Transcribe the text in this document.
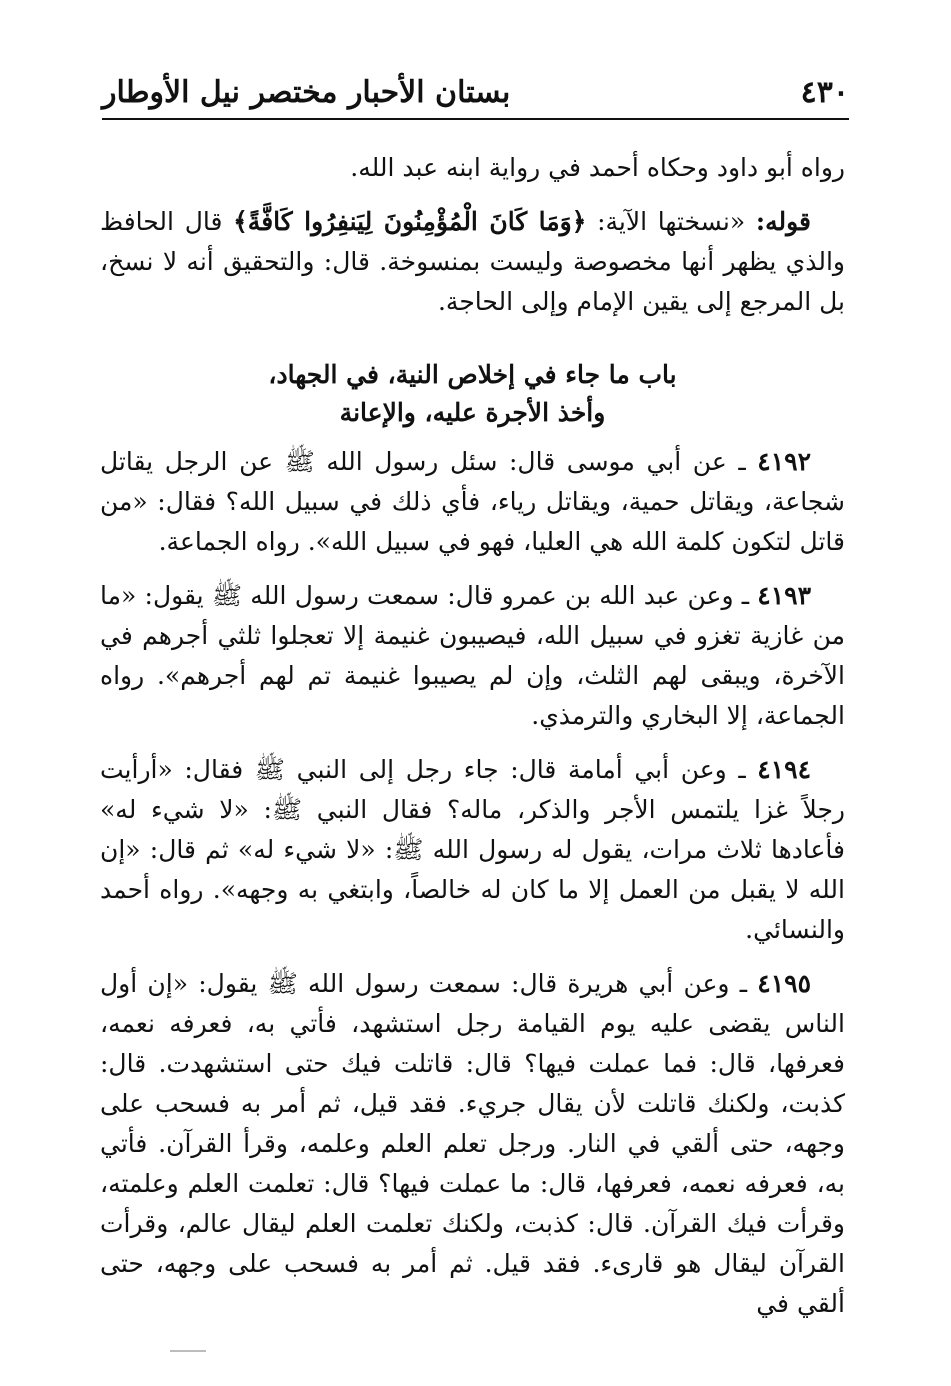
٤٣٠
بستان الأحبار مختصر نيل الأوطار

رواه أبو داود وحكاه أحمد في رواية ابنه عبد الله.

قوله: «نسختها الآية: ﴿وَمَا كَانَ الْمُؤْمِنُونَ لِيَنفِرُوا كَافَّةً﴾ قال الحافظ والذي يظهر أنها مخصوصة وليست بمنسوخة. قال: والتحقيق أنه لا نسخ، بل المرجع إلى يقين الإمام وإلى الحاجة.

باب ما جاء في إخلاص النية، في الجهاد،
وأخذ الأجرة عليه، والإعانة

٤١٩٢ ـ عن أبي موسى قال: سئل رسول الله ﷺ عن الرجل يقاتل شجاعة، ويقاتل حمية، ويقاتل رياء، فأي ذلك في سبيل الله؟ فقال: «من قاتل لتكون كلمة الله هي العليا، فهو في سبيل الله». رواه الجماعة.

٤١٩٣ ـ وعن عبد الله بن عمرو قال: سمعت رسول الله ﷺ يقول: «ما من غازية تغزو في سبيل الله، فيصيبون غنيمة إلا تعجلوا ثلثي أجرهم في الآخرة، ويبقى لهم الثلث، وإن لم يصيبوا غنيمة تم لهم أجرهم». رواه الجماعة، إلا البخاري والترمذي.

٤١٩٤ ـ وعن أبي أمامة قال: جاء رجل إلى النبي ﷺ فقال: «أرأيت رجلاً غزا يلتمس الأجر والذكر، ماله؟ فقال النبي ﷺ: «لا شيء له» فأعادها ثلاث مرات، يقول له رسول الله ﷺ: «لا شيء له» ثم قال: «إن الله لا يقبل من العمل إلا ما كان له خالصاً، وابتغي به وجهه». رواه أحمد والنسائي.

٤١٩٥ ـ وعن أبي هريرة قال: سمعت رسول الله ﷺ يقول: «إن أول الناس يقضى عليه يوم القيامة رجل استشهد، فأتي به، فعرفه نعمه، فعرفها، قال: فما عملت فيها؟ قال: قاتلت فيك حتى استشهدت. قال: كذبت، ولكنك قاتلت لأن يقال جريء. فقد قيل، ثم أمر به فسحب على وجهه، حتى ألقي في النار. ورجل تعلم العلم وعلمه، وقرأ القرآن. فأتي به، فعرفه نعمه، فعرفها، قال: ما عملت فيها؟ قال: تعلمت العلم وعلمته، وقرأت فيك القرآن. قال: كذبت، ولكنك تعلمت العلم ليقال عالم، وقرأت القرآن ليقال هو قارىء. فقد قيل. ثم أمر به فسحب على وجهه، حتى ألقي في
